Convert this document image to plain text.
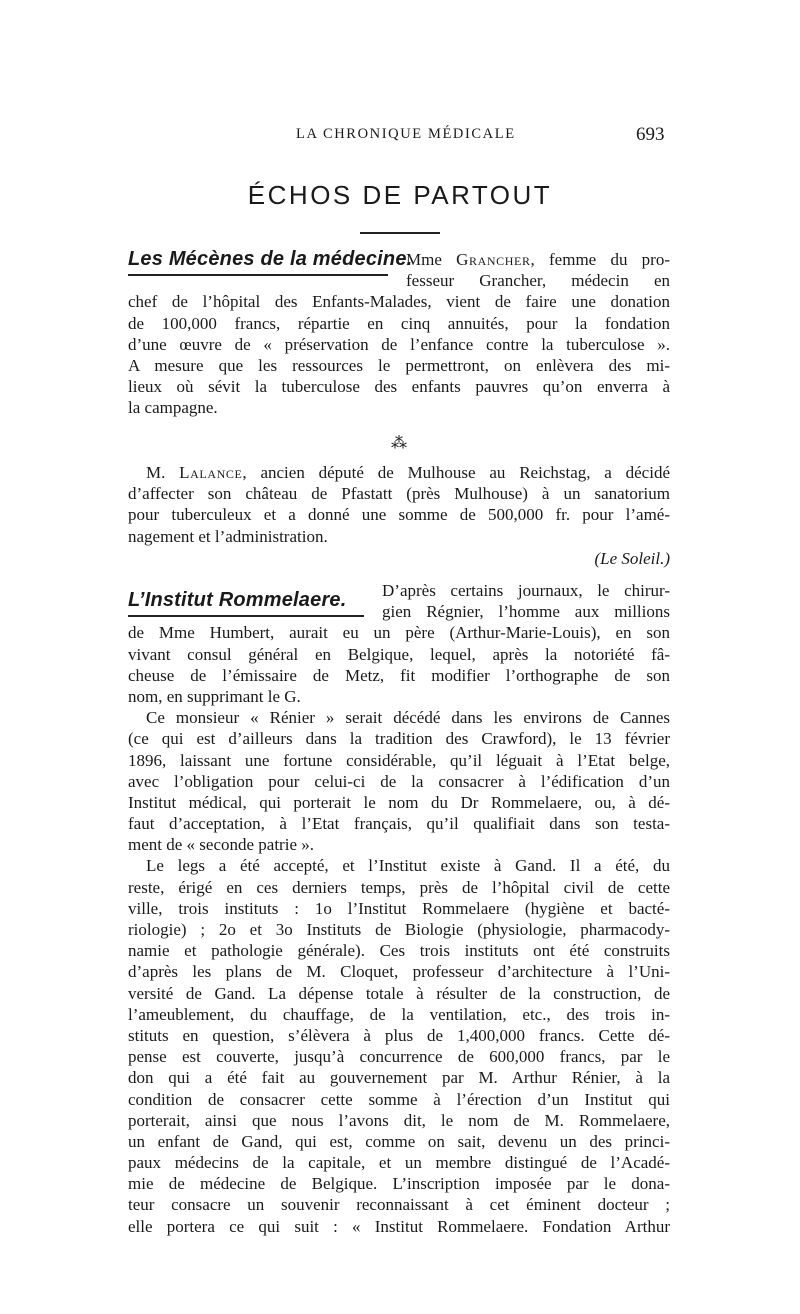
LA CHRONIQUE MÉDICALE	693
ÉCHOS DE PARTOUT
Les Mécènes de la médecine.
Mme Grancher, femme du pro-
fesseur Grancher, médecin en
chef de l’hôpital des Enfants-Malades, vient de faire une donation
de 100,000 francs, répartie en cinq annuités, pour la fondation
d’une œuvre de « préservation de l’enfance contre la tuberculose ».
A mesure que les ressources le permettront, on enlèvera des mi-
lieux où sévit la tuberculose des enfants pauvres qu’on enverra à
la campagne.
⁂
M. Lalance, ancien député de Mulhouse au Reichstag, a décidé
d’affecter son château de Pfastatt (près Mulhouse) à un sanatorium
pour tuberculeux et a donné une somme de 500,000 fr. pour l’amé-
nagement et l’administration.
(Le Soleil.)
L’Institut Rommelaere.	D’après certains journaux, le chirur-
gien Régnier, l’homme aux millions
de Mme Humbert, aurait eu un père (Arthur-Marie-Louis), en son
vivant consul général en Belgique, lequel, après la notoriété fâ-
cheuse de l’émissaire de Metz, fit modifier l’orthographe de son
nom, en supprimant le G.
Ce monsieur « Rénier » serait décédé dans les environs de Cannes
(ce qui est d’ailleurs dans la tradition des Crawford), le 13 février
1896, laissant une fortune considérable, qu’il léguait à l’Etat belge,
avec l’obligation pour celui-ci de la consacrer à l’édification d’un
Institut médical, qui porterait le nom du Dr Rommelaere, ou, à dé-
faut d’acceptation, à l’Etat français, qu’il qualifiait dans son testa-
ment de « seconde patrie ».
Le legs a été accepté, et l’Institut existe à Gand. Il a été, du
reste, érigé en ces derniers temps, près de l’hôpital civil de cette
ville, trois instituts : 1o l’Institut Rommelaere (hygiène et bacté-
riologie) ; 2o et 3o Instituts de Biologie (physiologie, pharmacody-
namie et pathologie générale). Ces trois instituts ont été construits
d’après les plans de M. Cloquet, professeur d’architecture à l’Uni-
versité de Gand. La dépense totale à résulter de la construction, de
l’ameublement, du chauffage, de la ventilation, etc., des trois in-
stituts en question, s’élèvera à plus de 1,400,000 francs. Cette dé-
pense est couverte, jusqu’à concurrence de 600,000 francs, par le
don qui a été fait au gouvernement par M. Arthur Rénier, à la
condition de consacrer cette somme à l’érection d’un Institut qui
porterait, ainsi que nous l’avons dit, le nom de M. Rommelaere,
un enfant de Gand, qui est, comme on sait, devenu un des princi-
paux médecins de la capitale, et un membre distingué de l’Acadé-
mie de médecine de Belgique. L’inscription imposée par le dona-
teur consacre un souvenir reconnaissant à cet éminent docteur ;
elle portera ce qui suit : « Institut Rommelaere. Fondation Arthur
